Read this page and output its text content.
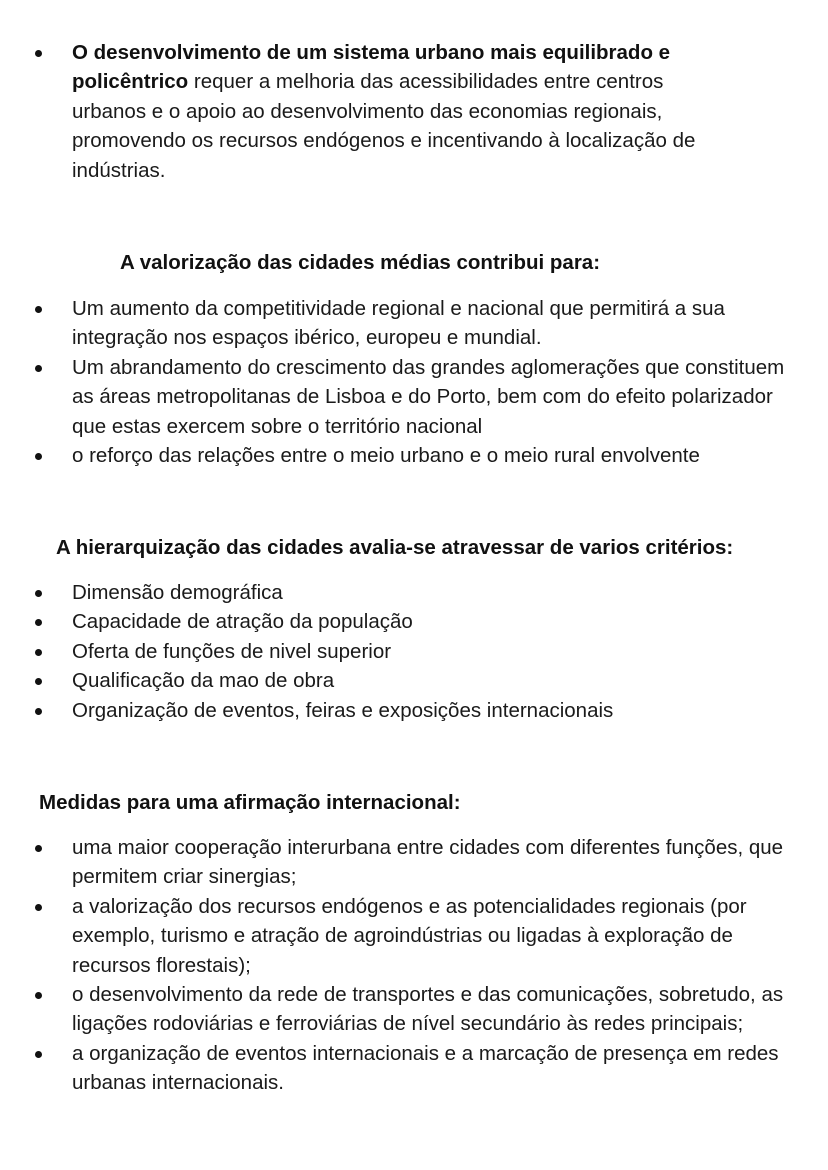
O desenvolvimento de um sistema urbano mais equilibrado e policêntrico requer a melhoria das acessibilidades entre centros urbanos e o apoio ao desenvolvimento das economias regionais, promovendo os recursos endógenos e incentivando à localização de indústrias.
A valorização das cidades médias contribui para:
Um aumento da competitividade regional e nacional que permitirá a sua integração nos espaços ibérico, europeu e mundial.
Um abrandamento do crescimento das grandes aglomerações que constituem as áreas metropolitanas de Lisboa e do Porto, bem com do efeito polarizador que estas exercem sobre o território nacional
o reforço das relações entre o meio urbano e o meio rural envolvente
A hierarquização das cidades avalia-se atravessar de varios critérios:
Dimensão demográfica
Capacidade de atração da população
Oferta de funções de nivel superior
Qualificação da mao de obra
Organização de eventos, feiras e exposições internacionais
Medidas para uma afirmação internacional:
uma maior cooperação interurbana entre cidades com diferentes funções, que permitem criar sinergias;
a valorização dos recursos endógenos e as potencialidades regionais (por exemplo, turismo e atração de agroindústrias ou ligadas à exploração de recursos florestais);
o desenvolvimento da rede de transportes e das comunicações, sobretudo, as ligações rodoviárias e ferroviárias de nível secundário às redes principais;
a organização de eventos internacionais e a marcação de presença em redes urbanas internacionais.
